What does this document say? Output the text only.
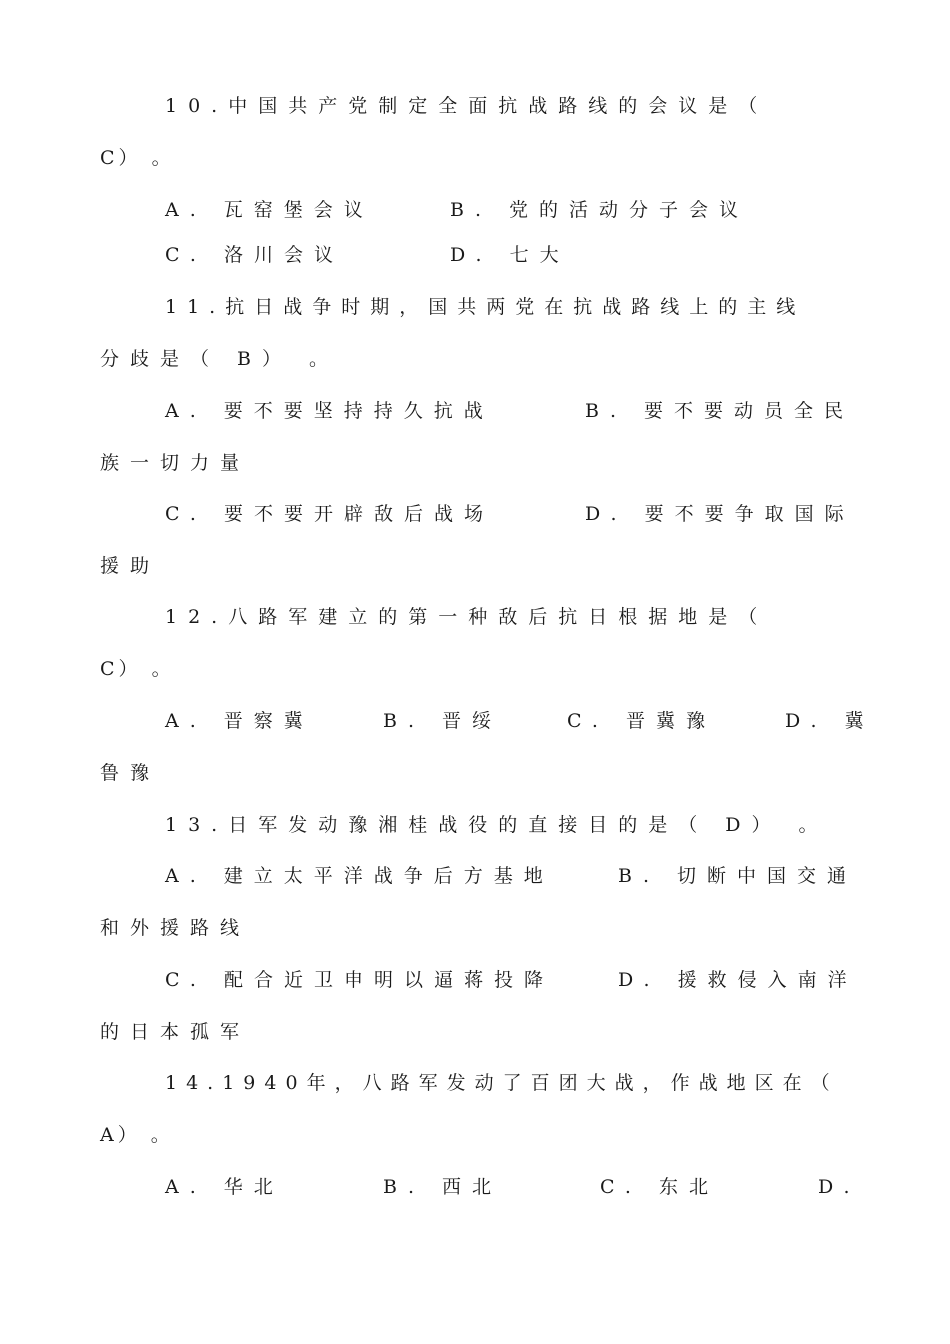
10.中国共产党制定全面抗战路线的会议是（
C） 。
A. 瓦窑堡会议	B. 党的活动分子会议
C. 洛川会议	D. 七大
11.抗日战争时期，国共两党在抗战路线上的主线
分歧是（ B） 。
A. 要不要坚持持久抗战	B. 要不要动员全民
族一切力量
C. 要不要开辟敌后战场	D. 要不要争取国际
援助
12.八路军建立的第一种敌后抗日根据地是（
C） 。
A. 晋察冀	B. 晋绥	C. 晋冀豫	D. 冀
鲁豫
13.日军发动豫湘桂战役的直接目的是（ D） 。
A. 建立太平洋战争后方基地	B. 切断中国交通
和外援路线
C. 配合近卫申明以逼蒋投降	D. 援救侵入南洋
的日本孤军
14.1940年，八路军发动了百团大战，作战地区在（
A） 。
A. 华北	B. 西北	C. 东北	D.
